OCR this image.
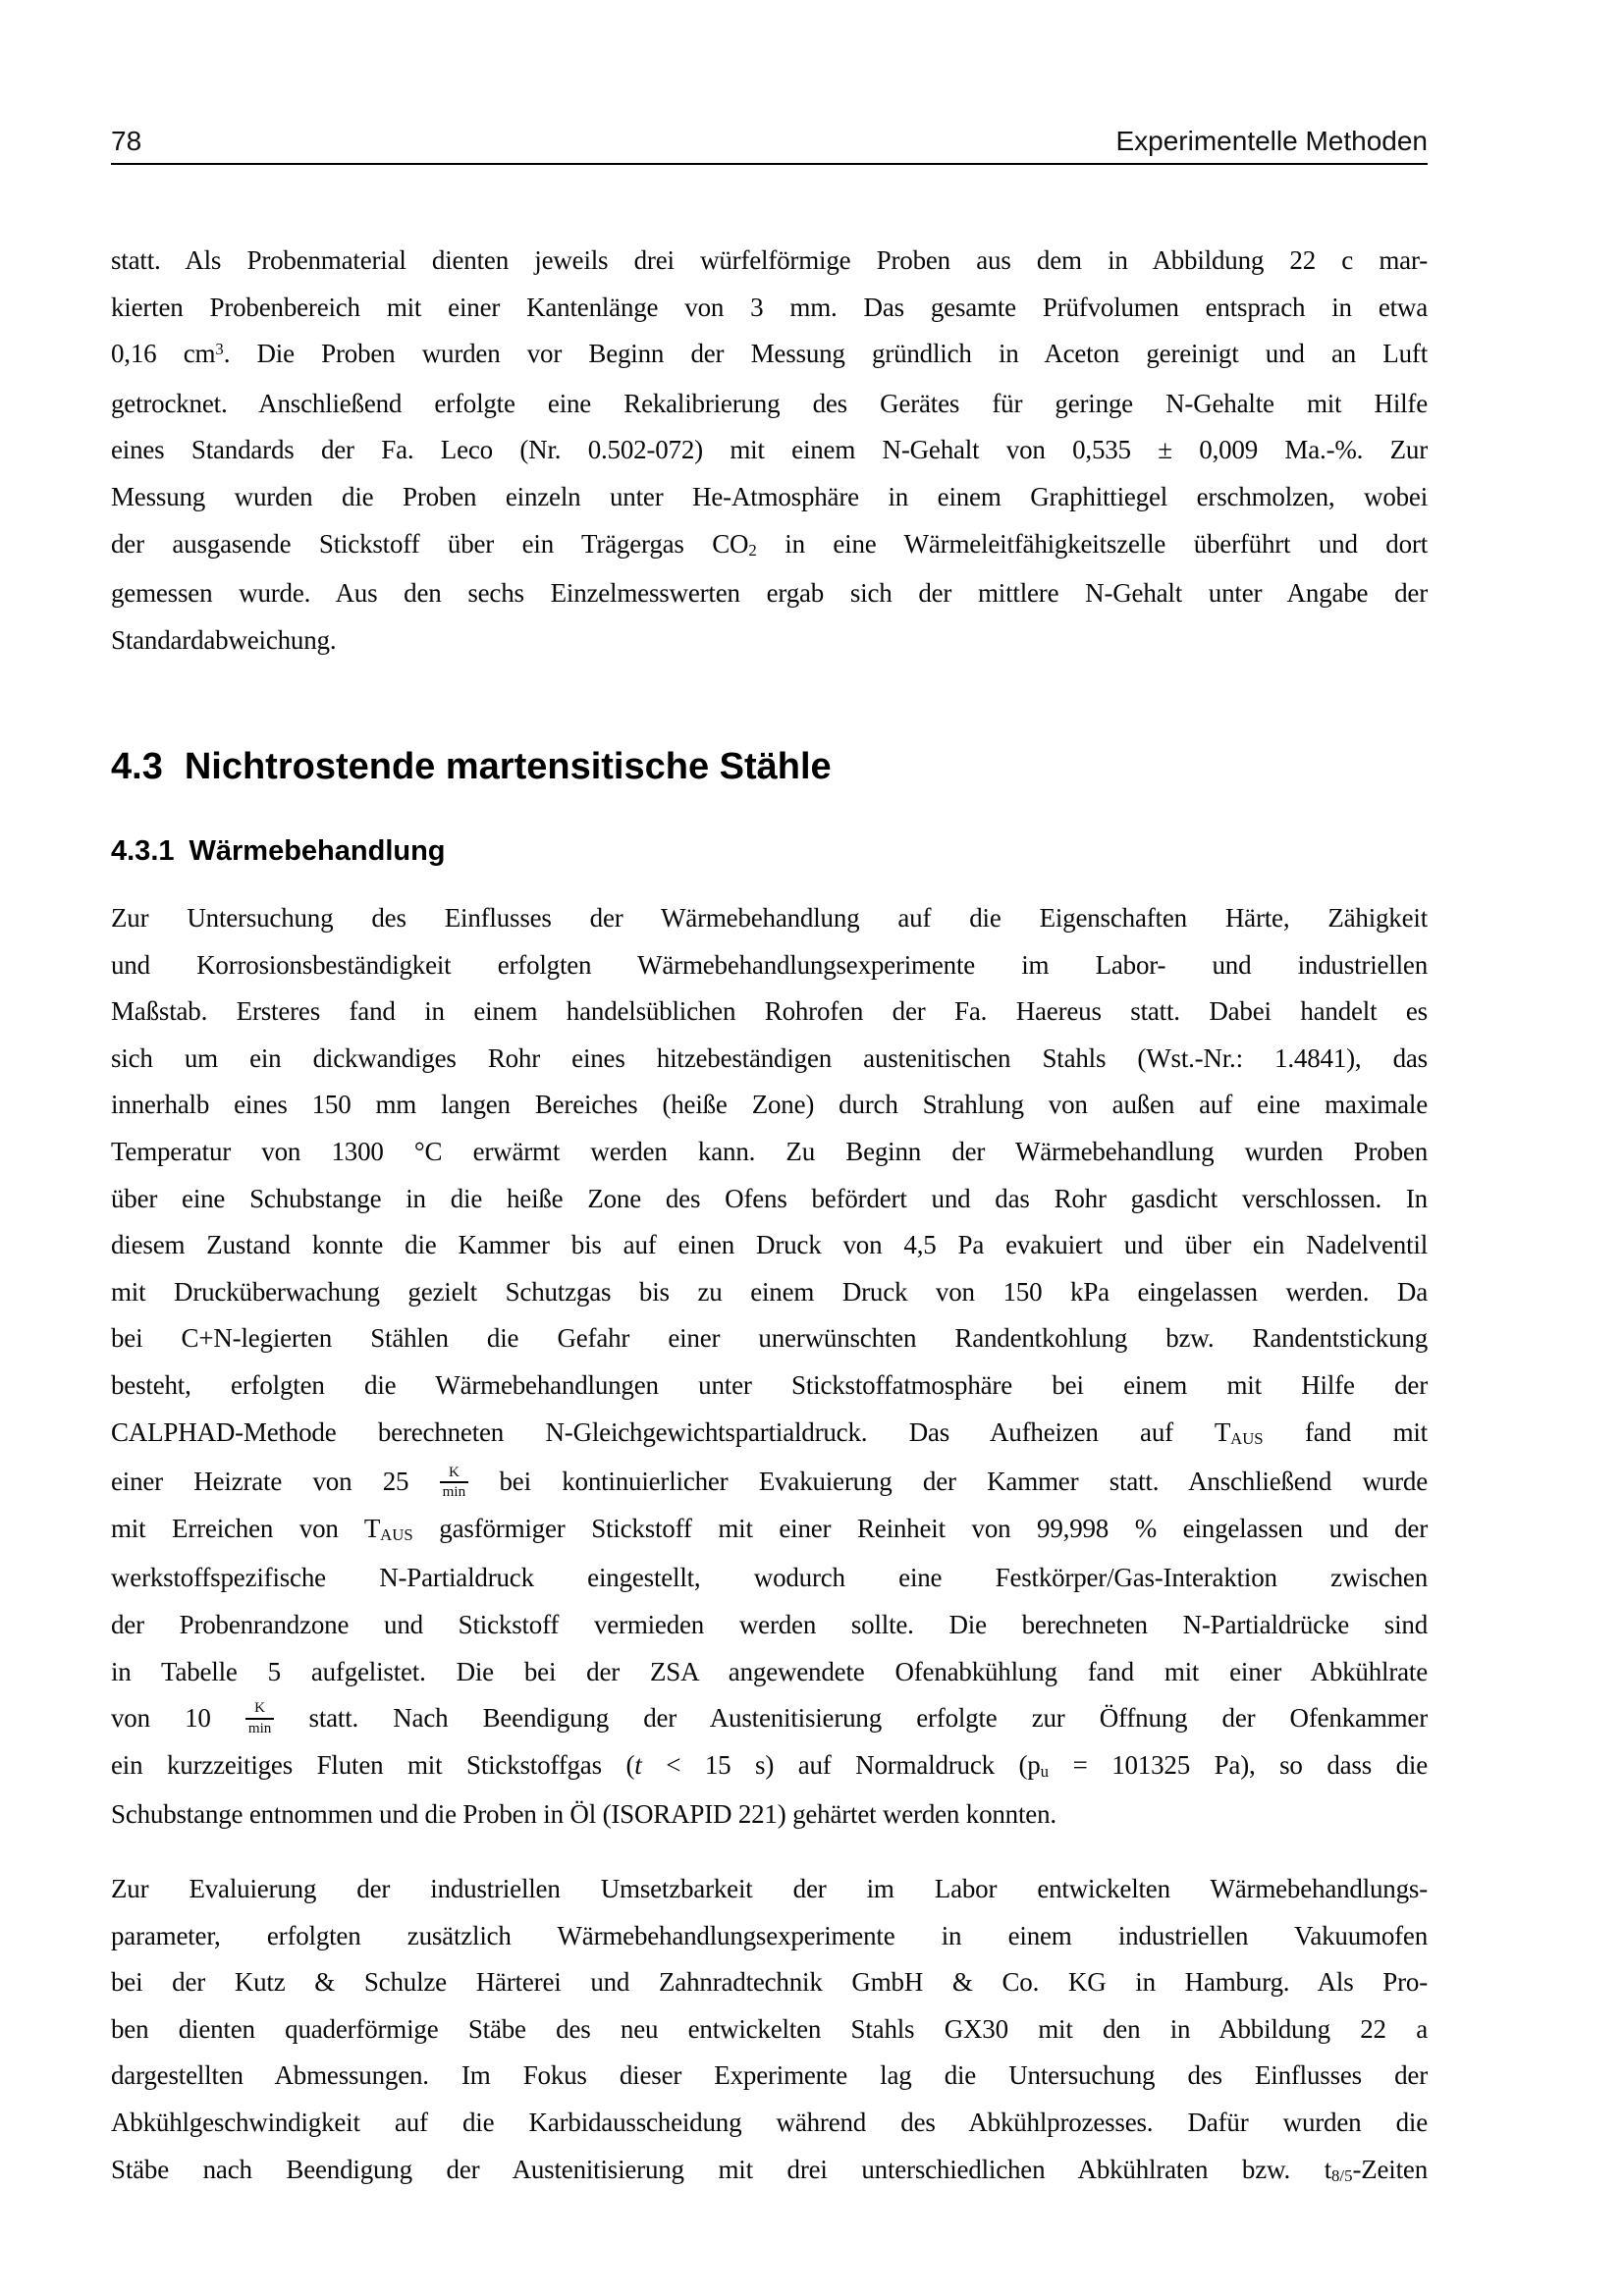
78	Experimentelle Methoden
statt. Als Probenmaterial dienten jeweils drei würfelförmige Proben aus dem in Abbildung 22 c mar-
kierten Probenbereich mit einer Kantenlänge von 3 mm. Das gesamte Prüfvolumen entsprach in etwa
0,16 $cm^3$. Die Proben wurden vor Beginn der Messung gründlich in Aceton gereinigt und an Luft
getrocknet. Anschließend erfolgte eine Rekalibrierung des Gerätes für geringe N-Gehalte mit Hilfe
eines Standards der Fa. Leco (Nr. 0.502-072) mit einem N-Gehalt von 0,535 ± 0,009 Ma.-%. Zur
Messung wurden die Proben einzeln unter He-Atmosphäre in einem Graphittiegel erschmolzen, wobei
der ausgasende Stickstoff über ein Trägergas CO2 in eine Wärmeleitfähigkeitszelle überführt und dort
gemessen wurde. Aus den sechs Einzelmesswerten ergab sich der mittlere N-Gehalt unter Angabe der
Standardabweichung.
4.3 Nichtrostende martensitische Stähle
4.3.1 Wärmebehandlung
Zur Untersuchung des Einflusses der Wärmebehandlung auf die Eigenschaften Härte, Zähigkeit
und Korrosionsbeständigkeit erfolgten Wärmebehandlungsexperimente im Labor- und industriellen
Maßstab. Ersteres fand in einem handelsüblichen Rohrofen der Fa. Haereus statt. Dabei handelt es
sich um ein dickwandiges Rohr eines hitzebeständigen austenitischen Stahls (Wst.-Nr.: 1.4841), das
innerhalb eines 150 mm langen Bereiches (heiße Zone) durch Strahlung von außen auf eine maximale
Temperatur von 1300 °C erwärmt werden kann. Zu Beginn der Wärmebehandlung wurden Proben
über eine Schubstange in die heiße Zone des Ofens befördert und das Rohr gasdicht verschlossen. In
diesem Zustand konnte die Kammer bis auf einen Druck von 4,5 Pa evakuiert und über ein Nadelventil
mit Drucküberwachung gezielt Schutzgas bis zu einem Druck von 150 kPa eingelassen werden. Da
bei C+N-legierten Stählen die Gefahr einer unerwünschten Randentkohlung bzw. Randentstickung
besteht, erfolgten die Wärmebehandlungen unter Stickstoffatmosphäre bei einem mit Hilfe der
CALPHAD-Methode berechneten N-Gleichgewichtspartialdruck. Das Aufheizen auf TAUS fand mit
einer Heizrate von $25 \frac{K}{\min}$ bei kontinuierlicher Evakuierung der Kammer statt. Anschließend wurde
mit Erreichen von TAUS gasförmiger Stickstoff mit einer Reinheit von 99,998 % eingelassen und der
werkstoffspezifische N-Partialdruck eingestellt, wodurch eine Festkörper/Gas-Interaktion zwischen
der Probenrandzone und Stickstoff vermieden werden sollte. Die berechneten N-Partialdrücke sind
in Tabelle 5 aufgelistet. Die bei der ZSA angewendete Ofenabkühlung fand mit einer Abkühlrate
von $10 \frac{K}{\min}$ statt. Nach Beendigung der Austenitisierung erfolgte zur Öffnung der Ofenkammer
ein kurzzeitiges Fluten mit Stickstoffgas (t < 15 s) auf Normaldruck (pu = 101325 Pa), so dass die
Schubstange entnommen und die Proben in Öl (ISORAPID 221) gehärtet werden konnten.
Zur Evaluierung der industriellen Umsetzbarkeit der im Labor entwickelten Wärmebehandlungs-
parameter, erfolgten zusätzlich Wärmebehandlungsexperimente in einem industriellen Vakuumofen
bei der Kutz & Schulze Härterei und Zahnradtechnik GmbH & Co. KG in Hamburg. Als Pro-
ben dienten quaderförmige Stäbe des neu entwickelten Stahls GX30 mit den in Abbildung 22 a
dargestellten Abmessungen. Im Fokus dieser Experimente lag die Untersuchung des Einflusses der
Abkühlgeschwindigkeit auf die Karbidausscheidung während des Abkühlprozesses. Dafür wurden die
Stäbe nach Beendigung der Austenitisierung mit drei unterschiedlichen Abkühlraten bzw. t8/5-Zeiten
